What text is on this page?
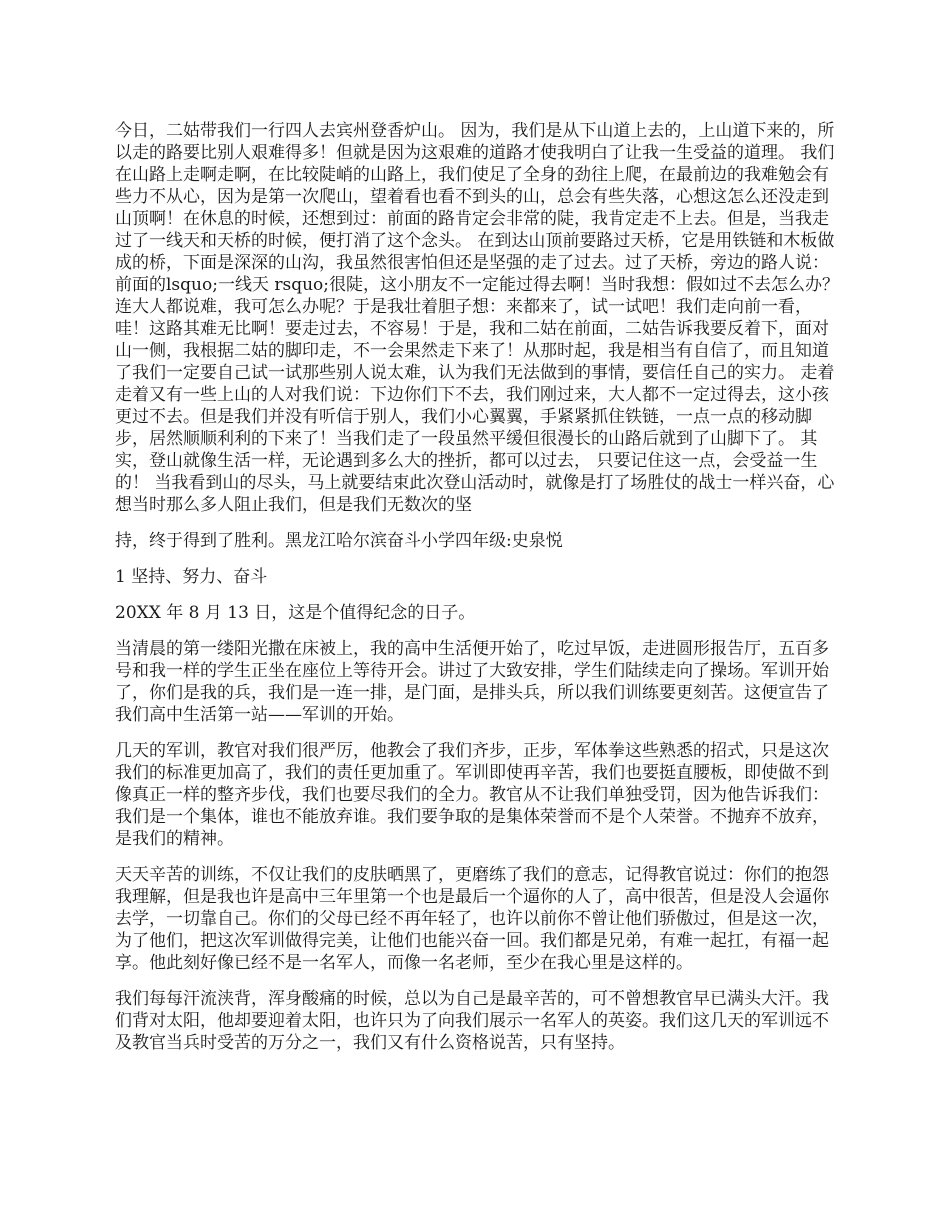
今日，二姑带我们一行四人去宾州登香炉山。 因为，我们是从下山道上去的，上山道下来的，所以走的路要比别人艰难得多！但就是因为这艰难的道路才使我明白了让我一生受益的道理。 我们在山路上走啊走啊，在比较陡峭的山路上，我们使足了全身的劲往上爬，在最前边的我难勉会有些力不从心，因为是第一次爬山，望着看也看不到头的山，总会有些失落，心想这怎么还没走到山顶啊！在休息的时候，还想到过：前面的路肯定会非常的陡，我肯定走不上去。但是，当我走过了一线天和天桥的时候，便打消了这个念头。 在到达山顶前要路过天桥，它是用铁链和木板做成的桥，下面是深深的山沟，我虽然很害怕但还是坚强的走了过去。过了天桥，旁边的路人说：前面的lsquo;一线天 rsquo;很陡，这小朋友不一定能过得去啊！当时我想：假如过不去怎么办？连大人都说难，我可怎么办呢？于是我壮着胆子想：来都来了，试一试吧！我们走向前一看，哇！这路其难无比啊！要走过去，不容易！于是，我和二姑在前面，二姑告诉我要反着下，面对山一侧，我根据二姑的脚印走，不一会果然走下来了！从那时起，我是相当有自信了，而且知道了我们一定要自己试一试那些别人说太难，认为我们无法做到的事情，要信任自己的实力。 走着走着又有一些上山的人对我们说：下边你们下不去，我们刚过来，大人都不一定过得去，这小孩更过不去。但是我们并没有听信于别人，我们小心翼翼，手紧紧抓住铁链，一点一点的移动脚步，居然顺顺利利的下来了！当我们走了一段虽然平缓但很漫长的山路后就到了山脚下了。 其实，登山就像生活一样，无论遇到多么大的挫折，都可以过去， 只要记住这一点，会受益一生的！ 当我看到山的尽头，马上就要结束此次登山活动时，就像是打了场胜仗的战士一样兴奋，心想当时那么多人阻止我们，但是我们无数次的坚

持，终于得到了胜利。黑龙江哈尔滨奋斗小学四年级:史泉悦

1 坚持、努力、奋斗

20XX 年 8 月 13 日，这是个值得纪念的日子。

当清晨的第一缕阳光撒在床被上，我的高中生活便开始了，吃过早饭，走进圆形报告厅，五百多号和我一样的学生正坐在座位上等待开会。讲过了大致安排，学生们陆续走向了操场。军训开始了，你们是我的兵，我们是一连一排，是门面，是排头兵，所以我们训练要更刻苦。这便宣告了我们高中生活第一站——军训的开始。

几天的军训，教官对我们很严厉，他教会了我们齐步，正步，军体拳这些熟悉的招式，只是这次我们的标准更加高了，我们的责任更加重了。军训即使再辛苦，我们也要挺直腰板，即使做不到像真正一样的整齐步伐，我们也要尽我们的全力。教官从不让我们单独受罚，因为他告诉我们：我们是一个集体，谁也不能放弃谁。我们要争取的是集体荣誉而不是个人荣誉。不抛弃不放弃，是我们的精神。

天天辛苦的训练，不仅让我们的皮肤晒黑了，更磨练了我们的意志，记得教官说过：你们的抱怨我理解，但是我也许是高中三年里第一个也是最后一个逼你的人了，高中很苦，但是没人会逼你去学，一切靠自己。你们的父母已经不再年轻了，也许以前你不曾让他们骄傲过，但是这一次，为了他们，把这次军训做得完美，让他们也能兴奋一回。我们都是兄弟，有难一起扛，有福一起享。他此刻好像已经不是一名军人，而像一名老师，至少在我心里是这样的。

我们每每汗流浃背，浑身酸痛的时候，总以为自己是最辛苦的，可不曾想教官早已满头大汗。我们背对太阳，他却要迎着太阳，也许只为了向我们展示一名军人的英姿。我们这几天的军训远不及教官当兵时受苦的万分之一，我们又有什么资格说苦，只有坚持。
